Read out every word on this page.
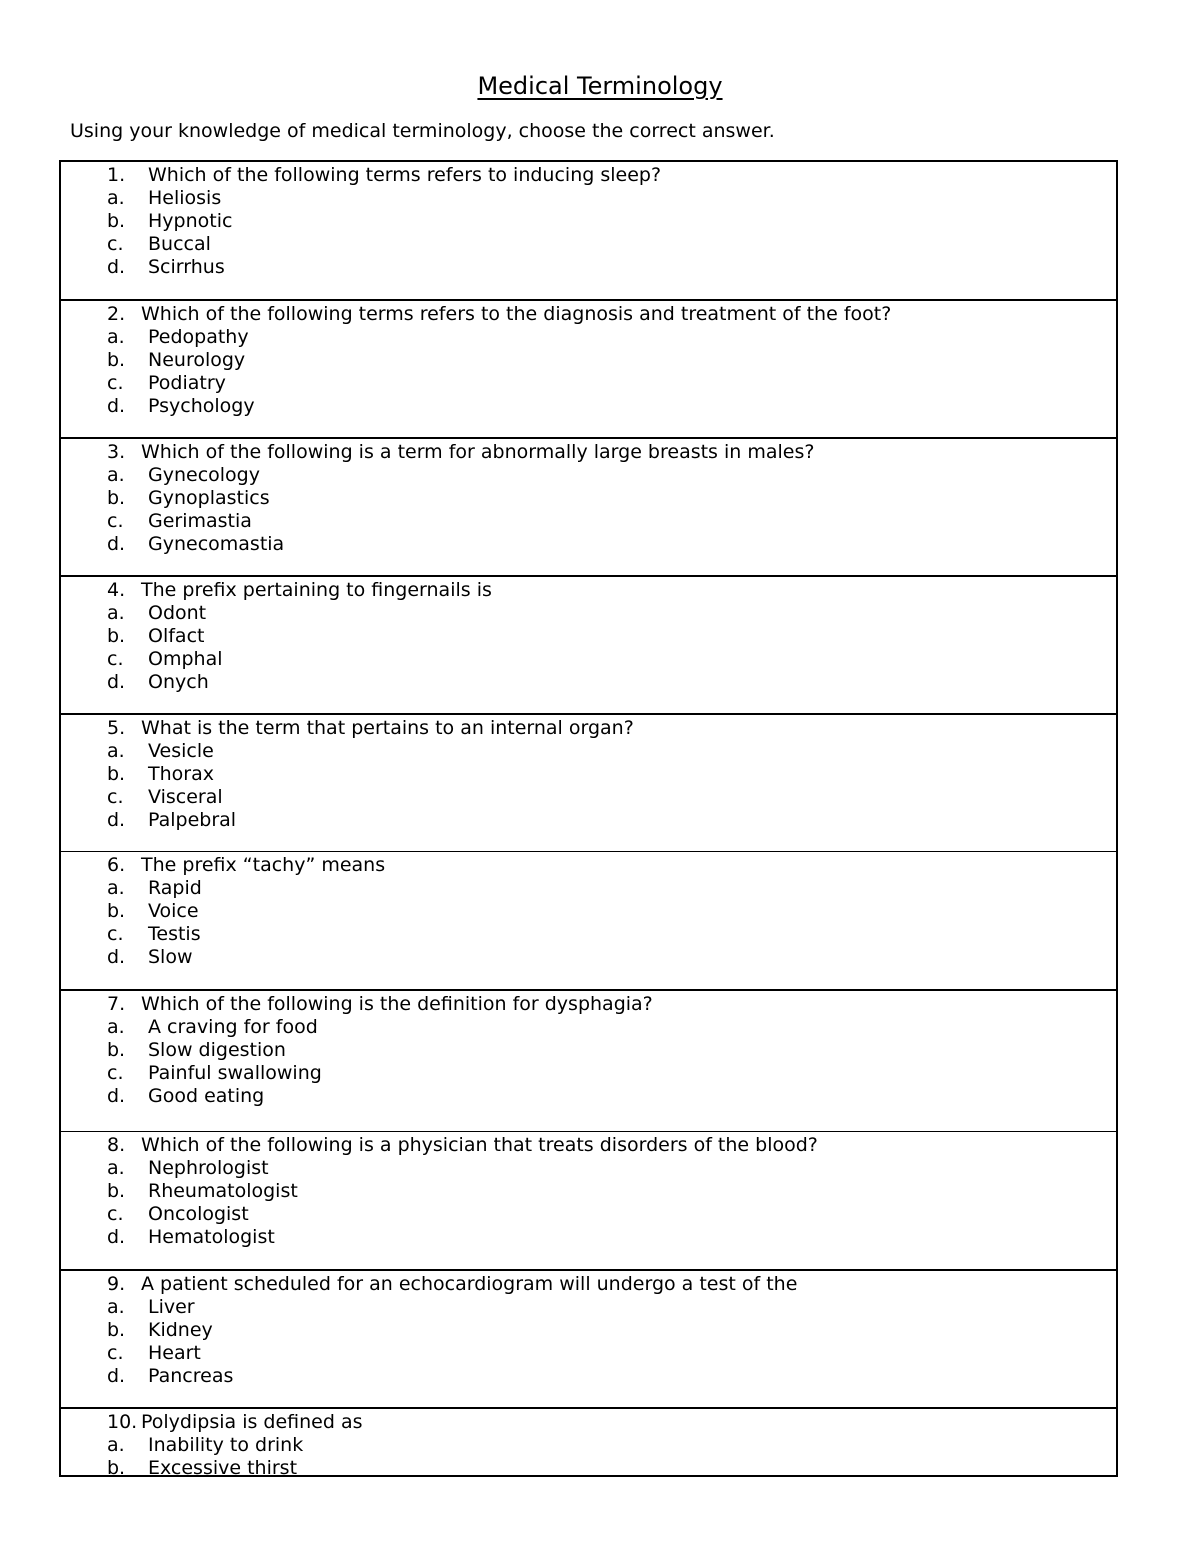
Medical Terminology
Using your knowledge of medical terminology, choose the correct answer.
1.	Which of the following terms refers to inducing sleep?
a.	Heliosis
b.	Hypnotic
c.	Buccal
d.	Scirrhus
2. Which of the following terms refers to the diagnosis and treatment of the foot?
a.	Pedopathy
b.	Neurology
c.	Podiatry
d.	Psychology
3. Which of the following is a term for abnormally large breasts in males?
a.	Gynecology
b.	Gynoplastics
c.	Gerimastia
d.	Gynecomastia
4. The prefix pertaining to fingernails is
a.	Odont
b.	Olfact
c.	Omphal
d.	Onych
5. What is the term that pertains to an internal organ?
a.	Vesicle
b.	Thorax
c.	Visceral
d.	Palpebral
6. The prefix “tachy” means
a.	Rapid
b.	Voice
c.	Testis
d.	Slow
7. Which of the following is the definition for dysphagia?
a.	A craving for food
b.	Slow digestion
c.	Painful swallowing
d.	Good eating
8. Which of the following is a physician that treats disorders of the blood?
a.	Nephrologist
b.	Rheumatologist
c.	Oncologist
d.	Hematologist
9. A patient scheduled for an echocardiogram will undergo a test of the
a.	Liver
b.	Kidney
c.	Heart
d.	Pancreas
10. Polydipsia is defined as
a.	Inability to drink
b.	Excessive thirst
